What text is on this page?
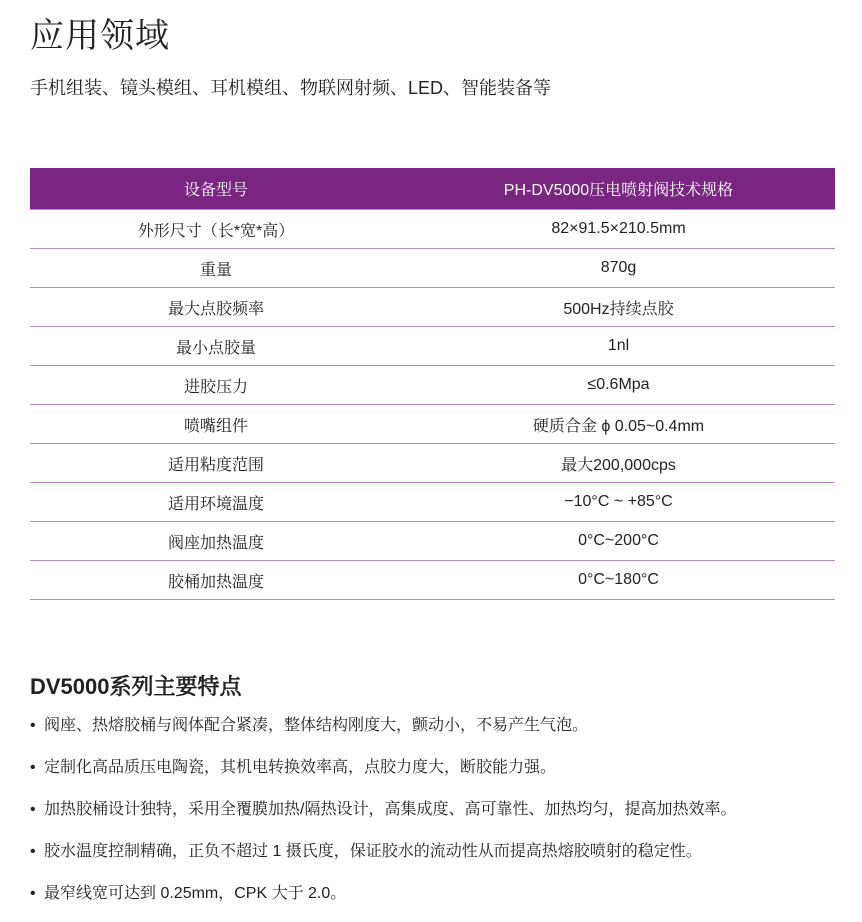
应用领域

手机组装、镜头模组、耳机模组、物联网射频、LED、智能装备等

设备型号	PH-DV5000压电喷射阀技术规格
外形尺寸（长*宽*高）	82×91.5×210.5mm
重量	870g
最大点胶频率	500Hz持续点胶
最小点胶量	1nl
进胶压力	≤0.6Mpa
喷嘴组件	硬质合金 ϕ 0.05~0.4mm
适用粘度范围	最大200,000cps
适用环境温度	−10°C ~ +85°C
阀座加热温度	0°C~200°C
胶桶加热温度	0°C~180°C
DV5000系列主要特点
• 阀座、热熔胶桶与阀体配合紧凑，整体结构刚度大，颤动小，不易产生气泡。
• 定制化高品质压电陶瓷，其机电转换效率高，点胶力度大，断胶能力强。
• 加热胶桶设计独特，采用全覆膜加热/隔热设计，高集成度、高可靠性、加热均匀，提高加热效率。
• 胶水温度控制精确，正负不超过 1 摄氏度，保证胶水的流动性从而提高热熔胶喷射的稳定性。
• 最窄线宽可达到 0.25mm，CPK 大于 2.0。
